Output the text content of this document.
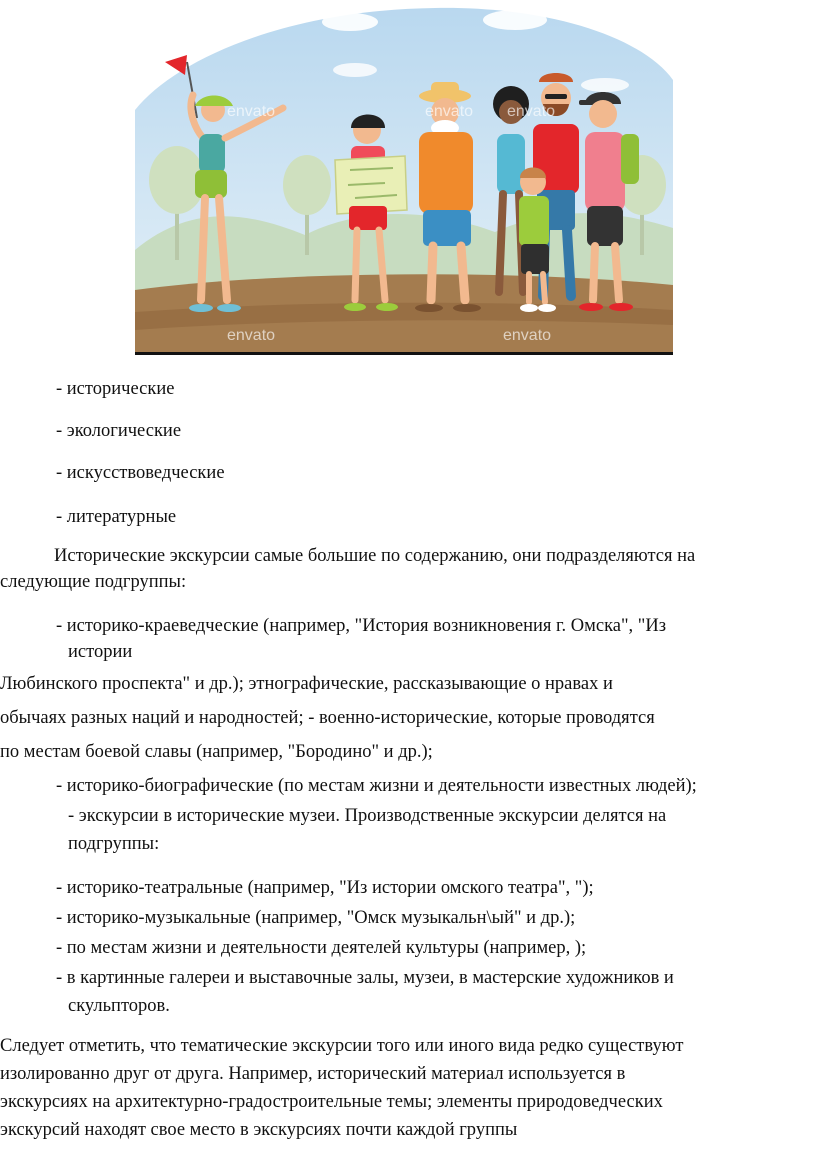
envato	envato
envato
envato	envato
- исторические
- экологические
- искусствоведческие
- литературные
Исторические экскурсии самые большие по содержанию, они подразделяются на
следующие подгруппы:
- историко-краеведческие (например, "История возникновения г. Омска", "Из
истории
Любинского проспекта" и др.); этнографические, рассказывающие о нравах и
обычаях разных наций и народностей; - военно-исторические, которые проводятся
по местам боевой славы (например, "Бородино" и др.);
- историко-биографические (по местам жизни и деятельности известных людей);
- экскурсии в исторические музеи. Производственные экскурсии делятся на
подгруппы:
- историко-театральные (например, "Из истории омского театра", ");
- историко-музыкальные (например, "Омск музыкальн\ый" и др.);
- по местам жизни и деятельности деятелей культуры (например, );
- в картинные галереи и выставочные залы, музеи, в мастерские художников и
скульпторов.
Следует отметить, что тематические экскурсии того или иного вида редко существуют
изолированно друг от друга. Например, исторический материал используется в
экскурсиях на архитектурно-градостроительные темы; элементы природоведческих
экскурсий находят свое место в экскурсиях почти каждой группы
